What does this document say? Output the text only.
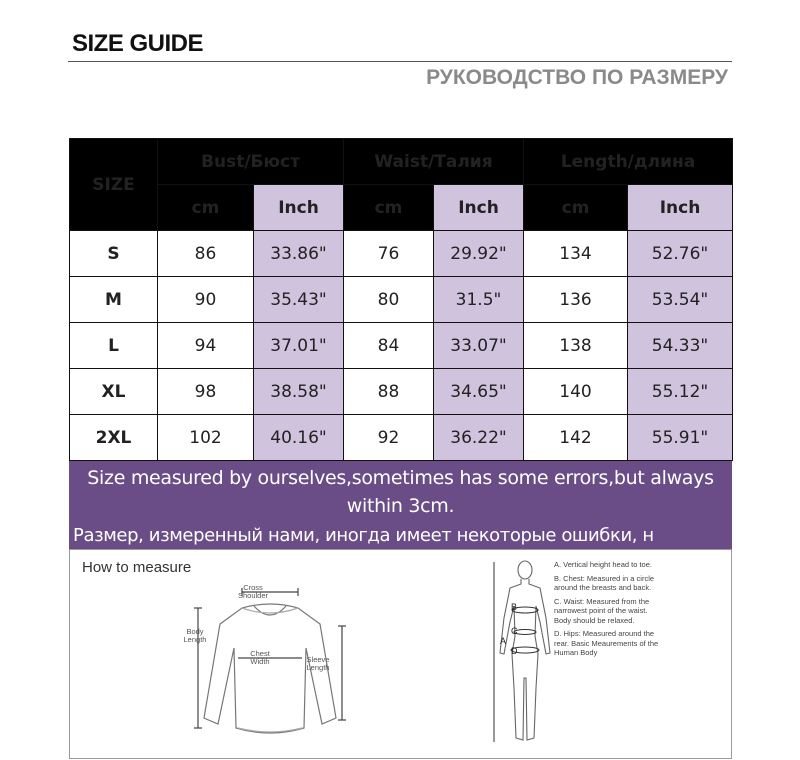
SIZE GUIDE
РУКОВОДСТВО ПО РАЗМЕРУ
SIZE	Bust/Бюст		Waist/Талия		Length/длина	
	cm	Inch	cm	Inch	cm	Inch
S	86	33.86"	76	29.92"	134	52.76"
M	90	35.43"	80	31.5"	136	53.54"
L	94	37.01"	84	33.07"	138	54.33"
XL	98	38.58"	88	34.65"	140	55.12"
2XL	102	40.16"	92	36.22"	142	55.91"
Size measured by ourselves,sometimes has some errors,but always within 3cm.
Размер, измеренный нами, иногда имеет некоторые ошибки, н
How to measure
Cross Shoulder
Body Length
Chest Width	Sleeve Length
A
B
C
D
A. Vertical height head to toe.
B. Chest: Measured in a circle around the breasts and back.
C. Waist: Measured from the narrowest point of the waist. Body should be relaxed.
D. Hips: Measured around the rear. Basic Meaurements of the Human Body
